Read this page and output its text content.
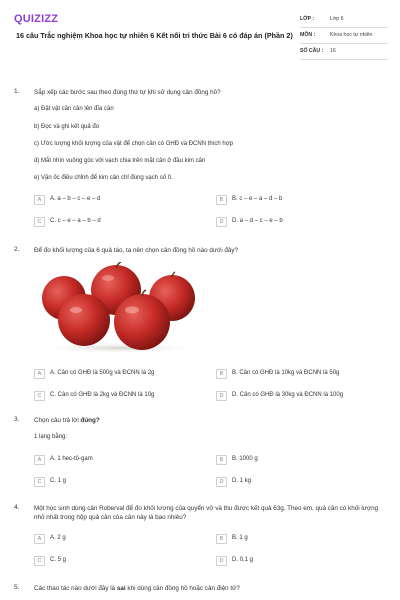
QUIZIZZ
16 câu Trắc nghiệm Khoa học tự nhiên 6 Kết nối tri thức Bài 6 có đáp án (Phần 2)
LỚP :	Lớp 6
MÔN :	Khoa học tự nhiên
SỐ CÂU :	16
1. Sắp xếp các bước sau theo đúng thứ tự khi sử dụng cân đồng hồ?
a) Đặt vật cần cân lên đĩa cân
b) Đọc và ghi kết quả đo
c) Ước lượng khối lượng của vật để chọn cân có GHĐ và ĐCNN thích hợp
d) Mắt nhìn vuông góc với vạch chia trên mặt cân ở đầu kim cân
e) Vặn ốc điều chỉnh để kim cân chỉ đúng vạch số 0.
A	A. a – b – c – e – d	B	B. c – e – a – d – b
C	C. c – e – a – b – d	D	D. a – d – c – e – b
2. Để đo khối lượng của 6 quả táo, ta nên chọn cân đồng hồ nào dưới đây?
A	A. Cân có GHĐ là 500g và ĐCNN là 2g	B	B. Cân có GHĐ là 10kg và ĐCNN là 50g
C	C. Cân có GHĐ là 2kg và ĐCNN là 10g	D	D. Cân có GHĐ là 30kg và ĐCNN là 100g
3. Chọn câu trả lời đúng?
1 lạng bằng:
A	A. 1 hec-tô-gam	B	B. 1000 g
C	C. 1 g	D	D. 1 kg
4. Một học sinh dùng cân Roberval để đo khối lượng của quyển vở và thu được kết quả 63g. Theo em, quả cân có khối lượng nhỏ nhất trong hộp quả cân của cân này là bao nhiêu?
A	A. 2 g	B	B. 1 g
C	C. 5 g	D	D. 0,1 g
5. Các thao tác nào dưới đây là sai khi dùng cân đồng hồ hoặc cân điện tử?
